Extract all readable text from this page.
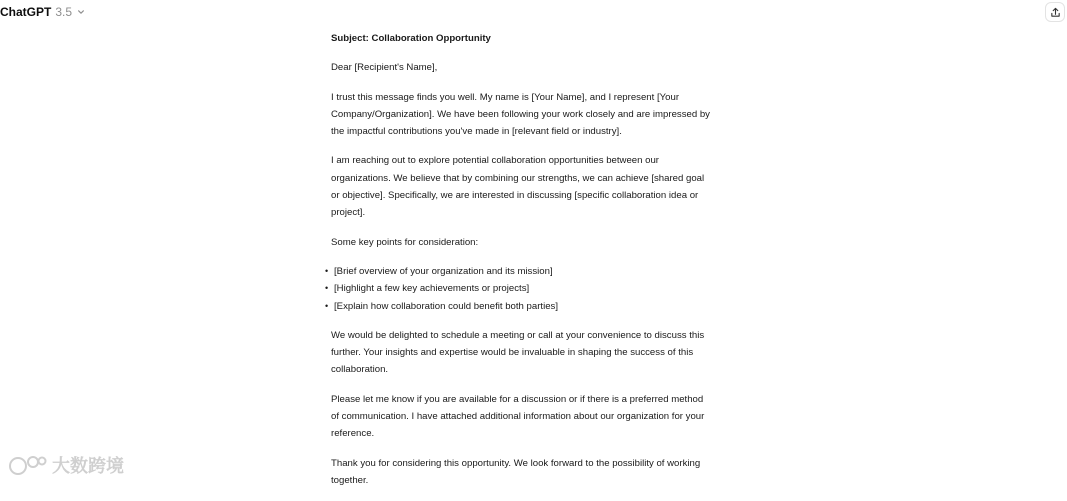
ChatGPT 3.5

Subject: Collaboration Opportunity

Dear [Recipient's Name],

I trust this message finds you well. My name is [Your Name], and I represent [Your Company/Organization]. We have been following your work closely and are impressed by the impactful contributions you've made in [relevant field or industry].

I am reaching out to explore potential collaboration opportunities between our organizations. We believe that by combining our strengths, we can achieve [shared goal or objective]. Specifically, we are interested in discussing [specific collaboration idea or project].

Some key points for consideration:

• [Brief overview of your organization and its mission]
• [Highlight a few key achievements or projects]
• [Explain how collaboration could benefit both parties]

We would be delighted to schedule a meeting or call at your convenience to discuss this further. Your insights and expertise would be invaluable in shaping the success of this collaboration.

Please let me know if you are available for a discussion or if there is a preferred method of communication. I have attached additional information about our organization for your reference.

Thank you for considering this opportunity. We look forward to the possibility of working together.

大数跨境
